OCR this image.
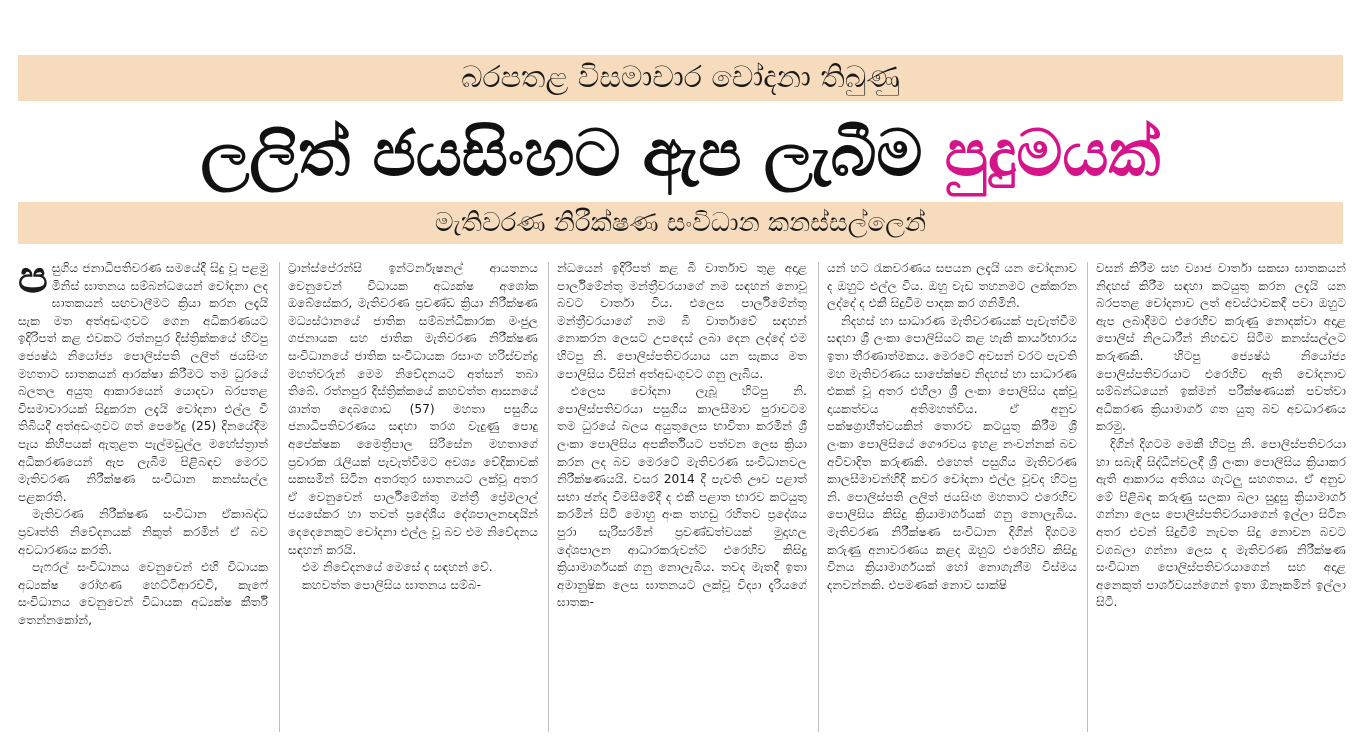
බරපතළ විසමාචාර චෝදනා තිබුණු
ලලිත් ජයසිංහට ඇප ලැබීම පුදුමයක්
මැතිවරණ නිරීක්ෂණ සංවිධාන කනස්සල්ලෙන්
ප සුගිය ජනාධිපතිවරණ සමයේදී සිදු වූ පළමු මිනිස් ඝාතනය සම්බන්ධයෙන් චෝදනා ලද ඝාතකයන් සඟවාලීමට ක්‍රියා කරන ලදැයි සැක මත අත්අඩංගුවට ගෙන අධිකරණයට ඉදිරිපත් කළ එවකට රත්නපුර දිස්ත්‍රික්කයේ හිටපු ජ්‍යෙෂ්ඨ නියෝජ්‍ය පොලිස්පති ලලිත් ජයසිංහ මහතාට ඝාතකයන් ආරක්ෂා කිරීමට තම ධුරයේ බලතල අයුතු ආකාරයෙන් යොදවා බරපතළ විසමාචාරයක් සිදුකරන ලදැයි චෝදනා එල්ල වී තිබියදී අත්අඩංගුවට ගත් පෙරේදු (25) දිනයේදීම පැය කිහිපයක් ඇතුළත පැල්මඩුල්ල මහේස්ත්‍රාත් අධිකරණයෙන් ඇප ලැබීම පිළිබඳව මෙරට මැතිවරණ නිරීක්ෂණ සංවිධාන කනස්සල්ල පළකරති.

මැතිවරණ නිරීක්ෂණ සංවිධාන ඒකාබද්ධ ප්‍රවෘත්ති නිවේදනයක් නිකුත් කරමින් ඒ බව අවධාරණය කරති.

පැෆරල් සංවිධානය වෙනුවෙන් එහි විධායක අධ්‍යක්ෂ රෝහණ හෙට්ටිආරච්චි, කැෆේ සංවිධානය වෙනුවෙන් විධායක අධ්‍යක්ෂ කීර්ති තෙන්නකෝන්,

ට්‍රාන්ස්පේරන්සි ඉන්ටර්නැෂනල් ආයතනය වෙනුවෙන් විධායක අධ්‍යක්ෂ අශෝක ඔබේසේකර, මැතිවරණ ප්‍රචණ්ඩ ක්‍රියා නිරීක්ෂණ මධ්‍යස්ථානයේ ජාතික සම්බන්ධීකාරක මංජුල ගජනායක සහ ජාතික මැතිවරණ නිරීක්ෂණ සංවිධානයේ ජාතික සංවිධායක රසාංග හරිස්චන්ද්‍ර මහත්වරුන් මෙම නිවේදනයට අත්සන් තබා තිබේ. රත්නපුර දිස්ත්‍රික්කයේ කහවත්ත ආසනයේ ශාන්ත දෙබගොඩ (57) මහතා පසුගිය ජනාධිපතිවරණය සඳහා තරග වැදුණු පොදු අපේක්ෂක මෛත්‍රීපාල සිරිසේන මහතාගේ ප්‍රචාරක රැලියක් පැවැත්වීමට අවශ්‍ය වේදිකාවක් සකසමින් සිටින අතරතුර ඝාතනයට ලක්වූ අතර ඒ වෙනුවෙන් පාර්ලිමේන්තු මන්ත්‍රී ප්‍රේමලාල් ජයසේකර හා තවත් ප්‍රදේශීය දේශපාලනඥයින් දෙදෙනෙකුට චෝදනා එල්ල වූ බව එම නිවේදනය සඳහන් කරයි.

එම නිවේදනයේ මෙසේ ද සඳහන් වේ.

කහවත්ත පොලිසිය ඝාතනය සම්බ-

න්ධයෙන් ඉදිරිපත් කළ බී වාර්තාව තුළ අදාළ පාර්ලිමේන්තු මන්ත්‍රීවරයාගේ නම සඳහන් නොවූ බවට වාර්තා විය. එලෙස පාර්ලිමේන්තු මන්ත්‍රීවරයාගේ නම බී වාර්තාවේ සඳහන් නොකරන ලෙසට උපදෙස් ලබා දෙන ලද්දේ එම හිටපු නි. පොලිස්පතිවරයාය යන සැකය මත පොලිසිය විසින් අත්අඩංගුවට ගනු ලැබිය.

එලෙස චෝදනා ලැබූ හිටපු නි. පොලිස්පතිවරයා පසුගිය කාලසීමාව පුරාවටම තම ධුරයේ බලය අයුතුලෙස භාවිතා කරමින් ශ්‍රී ලංකා පොලිසිය අපකීර්තියට පත්වන ලෙස ක්‍රියා කරන ලද බව මෙරටේ මැතිවරණ සංවිධානවල නිරීක්ෂණයයි. වසර 2014 දී පැවති ඌව පළාත් සභා ඡන්ද විමසීමේදී ද එකී පළාත භාරව කටයුතු කරමින් සිටි මොහු අංක තහඩු රහිතව ප්‍රදේශය පුරා සැරිසරමින් ප්‍රචණ්ඩත්වයක් මුදාහල දේශපාලන ආධාරකරුවන්ට එරෙහිව කිසිදු ක්‍රියාමාර්ගයක් ගනු නොලැබිය. තවද මැතදී ඉතා අමානුෂික ලෙස ඝාතනයට ලක්වූ විද්‍යා දැරියගේ ඝාතක-

යන් හට රැකවරණය සපයන ලදැයි යන චෝදනාව ද ඔහුට එල්ල විය. ඔහු වැඩ තහනමට ලක්කරන ලද්දේ ද එකී සිදුවීම පාදක කර ගනිමිනි.

නිදහස් හා සාධාරණ මැතිවරණයක් පැවැත්වීම සඳහා ශ්‍රී ලංකා පොලිසියට කළ හැකි කාර්යභාරය ඉතා තීරණාත්මකය. මෙරටේ අවසන් වරට පැවති මහ මැතිවරණය සාපේක්ෂව නිදහස් හා සාධාරණ එකක් වූ අතර එහිලා ශ්‍රී ලංකා පොලිසිය දක්වූ දායකත්වය අතිමහත්විය. ඒ අනුව පක්ෂග්‍රාහීත්වයකින් තොරව කටයුතු කිරීම ශ්‍රී ලංකා පොලිසියේ ගෞරවය ඉහළ නංවන්නක් බව අවිවාදිත කරුණකි. එහෙත් පසුගිය මැතිවරණ කාලසීමාවන්හිදී කවර චෝදනා එල්ල වූවද හිටපු නි. පොලිස්පති ලලිත් ජයසිංහ මහතාට එරෙහිව පොලිසිය කිසිදු ක්‍රියාමාර්ගයක් ගනු නොලැබිය. මැතිවරණ නිරීක්ෂණ සංවිධාන දිගින් දිගටම කරුණු අනාවරණය කළද ඔහුට එරෙහිව කිසිදු විනය ක්‍රියාමාර්ගයක් හෝ නොගැනීම විස්මය දනවන්නකි. එපමණක් නොව සාක්ෂි

වසන් කිරීම සහ ව්‍යාජ වාර්තා සකසා ඝාතකයන් නිදහස් කිරීම සඳහා කටයුතු කරන ලදැයි යන බරපතළ චෝදනාව ලත් අවස්ථාවකදී පවා ඔහුට ඇප ලබාදීමට එරෙහිව කරුණු නොදක්වා අදාළ පොලිස් නිලධාරීන් නිහඬව සිටීම කනස්සල්ලට කරුණකි. හිටපු ජ්‍යෙෂ්ඨ නියෝජ්‍ය පොලිස්පතිවරයාට එරෙහිව ඇති චෝදනාව සම්බන්ධයෙන් ඉක්මන් පරීක්ෂණයක් පවත්වා අධිකරණ ක්‍රියාමාර්ග ගත යුතු බව අවධාරණය කරමු.

දිගින් දිගටම මෙකී හිටපු නි. පොලිස්පතිවරයා හා සබැඳි සිද්ධීන්වලදී ශ්‍රී ලංකා පොලිසිය ක්‍රියාකර ඇති ආකාරය අතිශය ගැටලු සහගතය. ඒ අනුව මේ පිළිබඳ කරුණු සලකා බලා සුදුසු ක්‍රියාමාර්ග ගන්නා ලෙස පොලිස්පතිවරයාගෙන් ඉල්ලා සිටින අතර එවන් සිදුවීම් නැවත සිදු නොවන බවට වගබලා ගන්නා ලෙස ද මැතිවරණ නිරීක්ෂණ සංවිධාන පොලිස්පතිවරයාගෙන් සහ අදාළ අනෙකුත් පාර්ශවයන්ගෙන් ඉතා ඕනෑකමින් ඉල්ලා සිටී.
